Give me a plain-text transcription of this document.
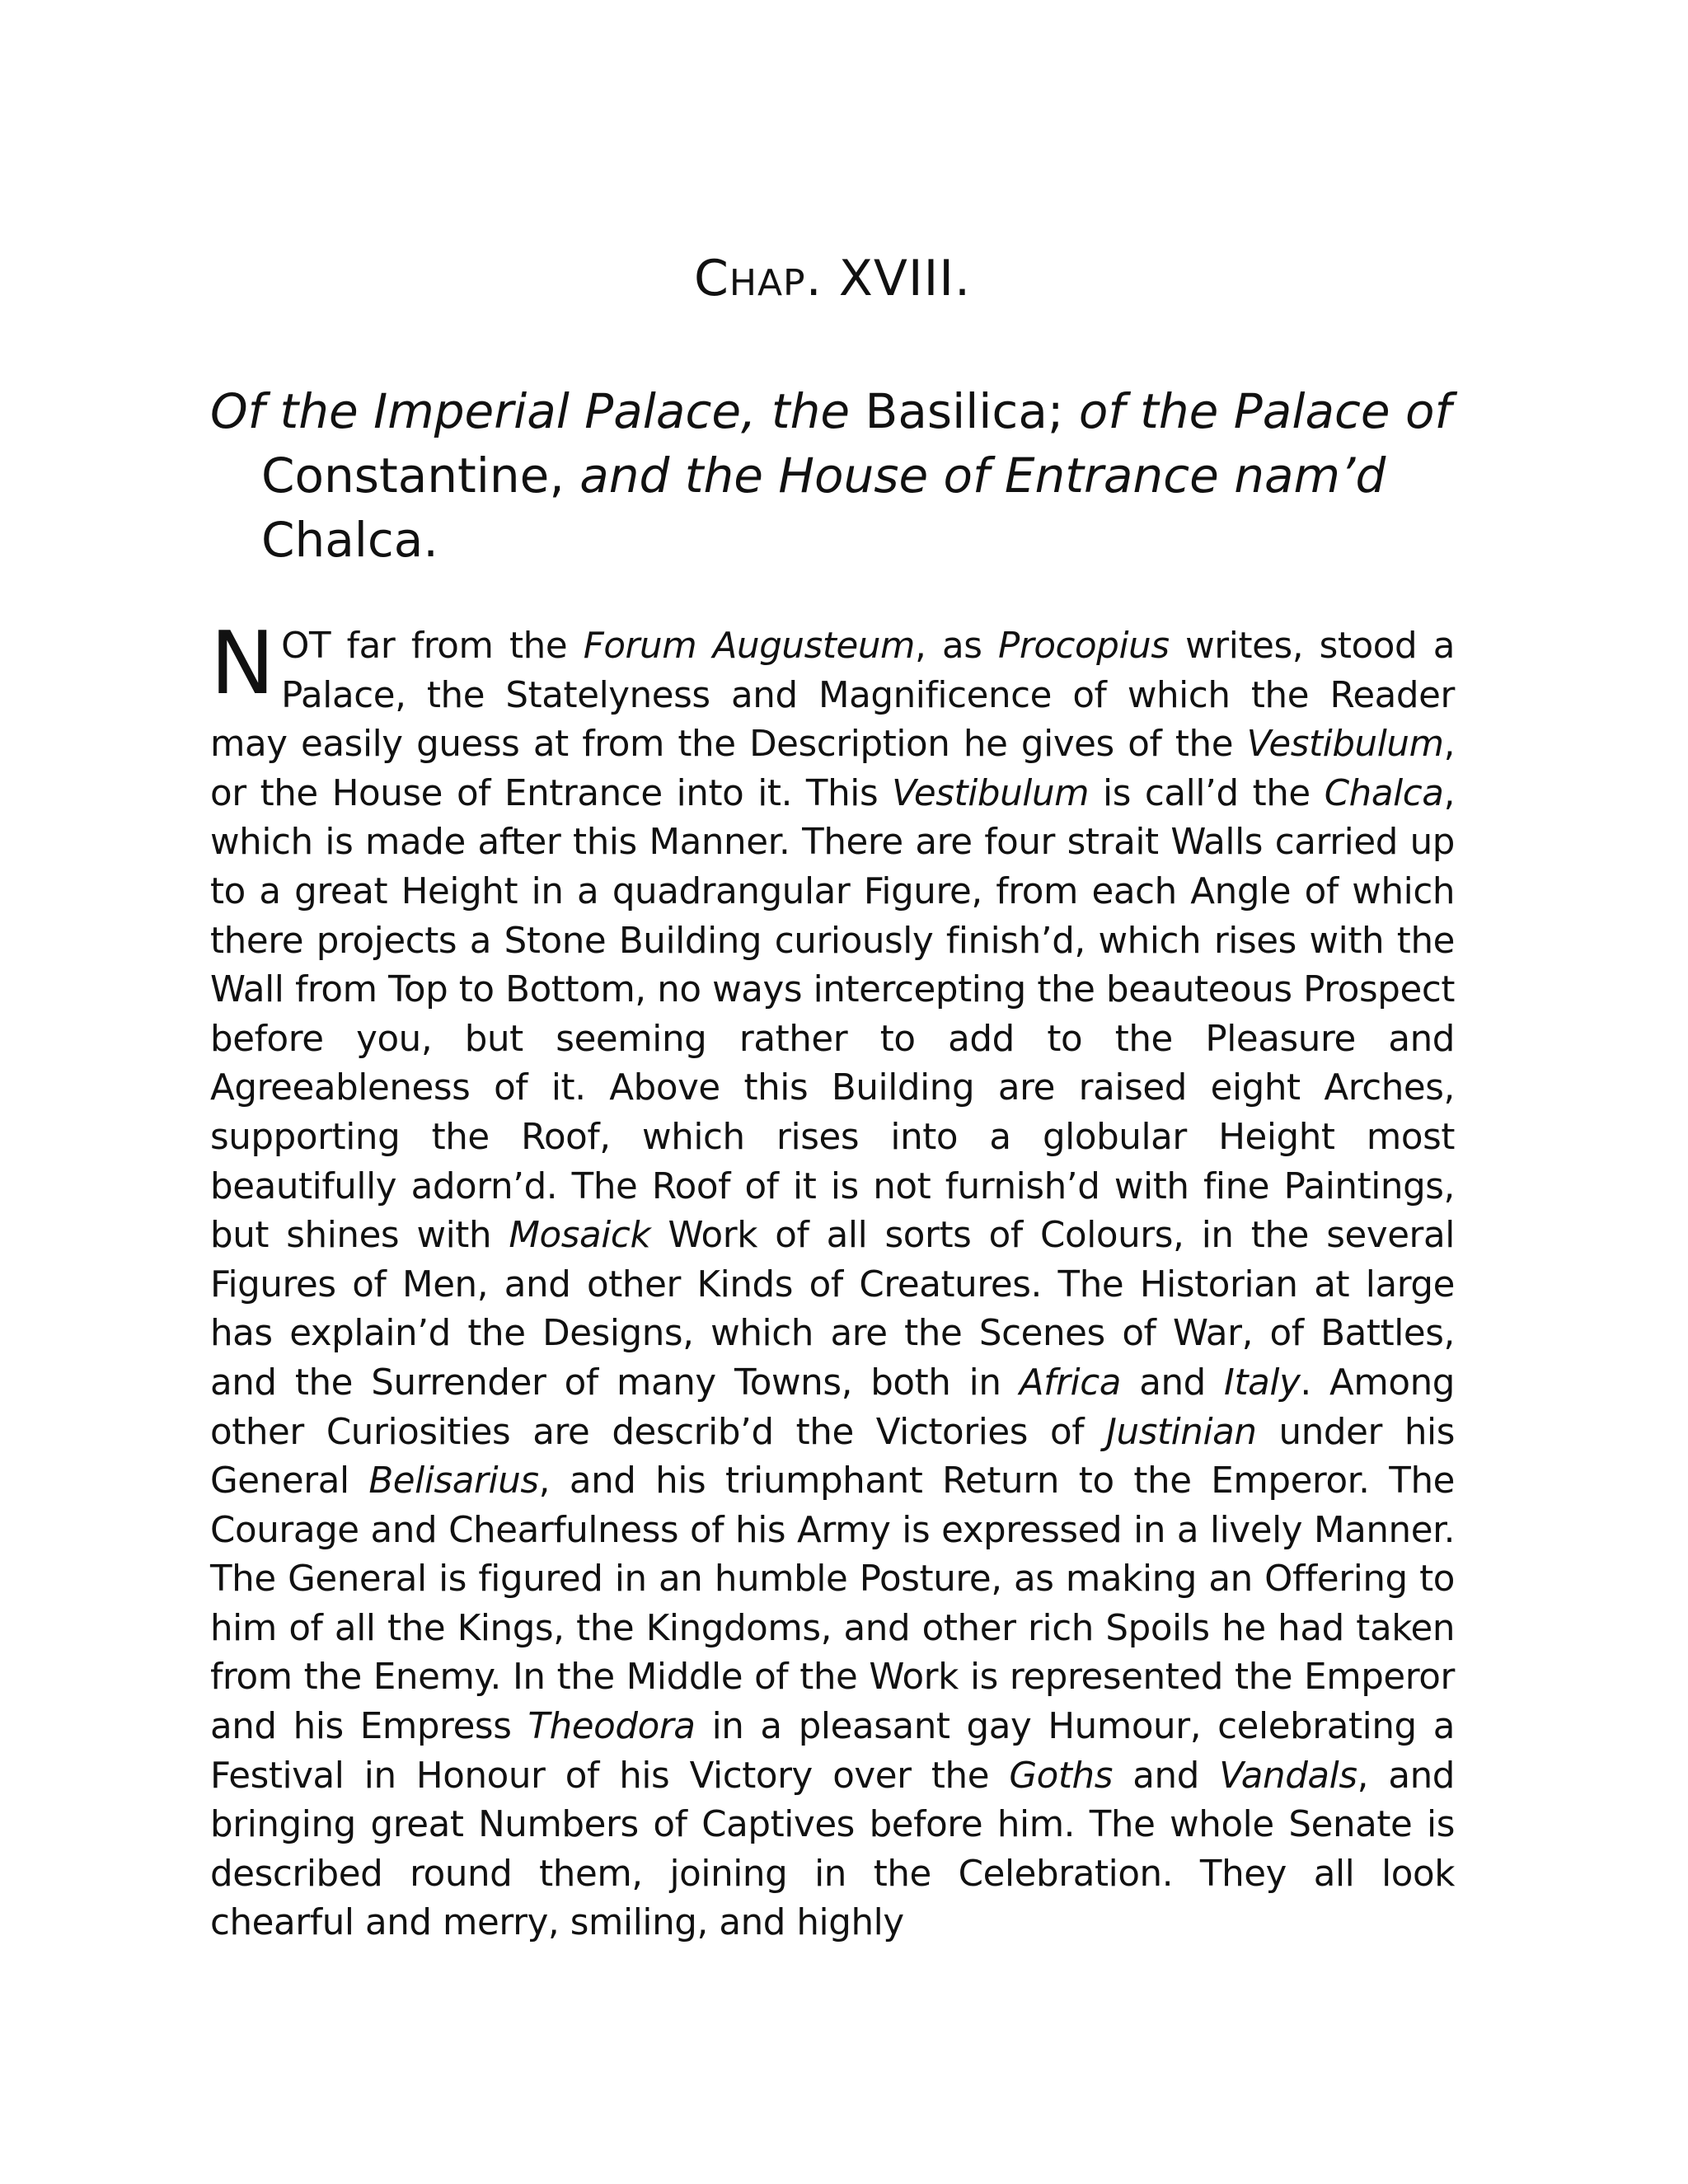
CHAP. XVIII.
Of the Imperial Palace, the Basilica; of the Palace of Constantine, and the House of Entrance nam’d Chalca.
NOT far from the Forum Augusteum, as Procopius writes, stood a Palace, the Statelyness and Magnificence of which the Reader may easily guess at from the Description he gives of the Vestibulum, or the House of Entrance into it. This Vestibulum is call’d the Chalca, which is made after this Manner. There are four strait Walls carried up to a great Height in a quadrangular Figure, from each Angle of which there projects a Stone Building curiously finish’d, which rises with the Wall from Top to Bottom, no ways intercepting the beauteous Prospect before you, but seeming rather to add to the Pleasure and Agreeableness of it. Above this Building are raised eight Arches, supporting the Roof, which rises into a globular Height most beautifully adorn’d. The Roof of it is not furnish’d with fine Paintings, but shines with Mosaick Work of all sorts of Colours, in the several Figures of Men, and other Kinds of Creatures. The Historian at large has explain’d the Designs, which are the Scenes of War, of Battles, and the Surrender of many Towns, both in Africa and Italy. Among other Curiosities are describ’d the Victories of Justinian under his General Belisarius, and his triumphant Return to the Emperor. The Courage and Chearfulness of his Army is expressed in a lively Manner. The General is figured in an humble Posture, as making an Offering to him of all the Kings, the Kingdoms, and other rich Spoils he had taken from the Enemy. In the Middle of the Work is represented the Emperor and his Empress Theodora in a pleasant gay Humour, celebrating a Festival in Honour of his Victory over the Goths and Vandals, and bringing great Numbers of Captives before him. The whole Senate is described round them, joining in the Celebration. They all look chearful and merry, smiling, and highly
